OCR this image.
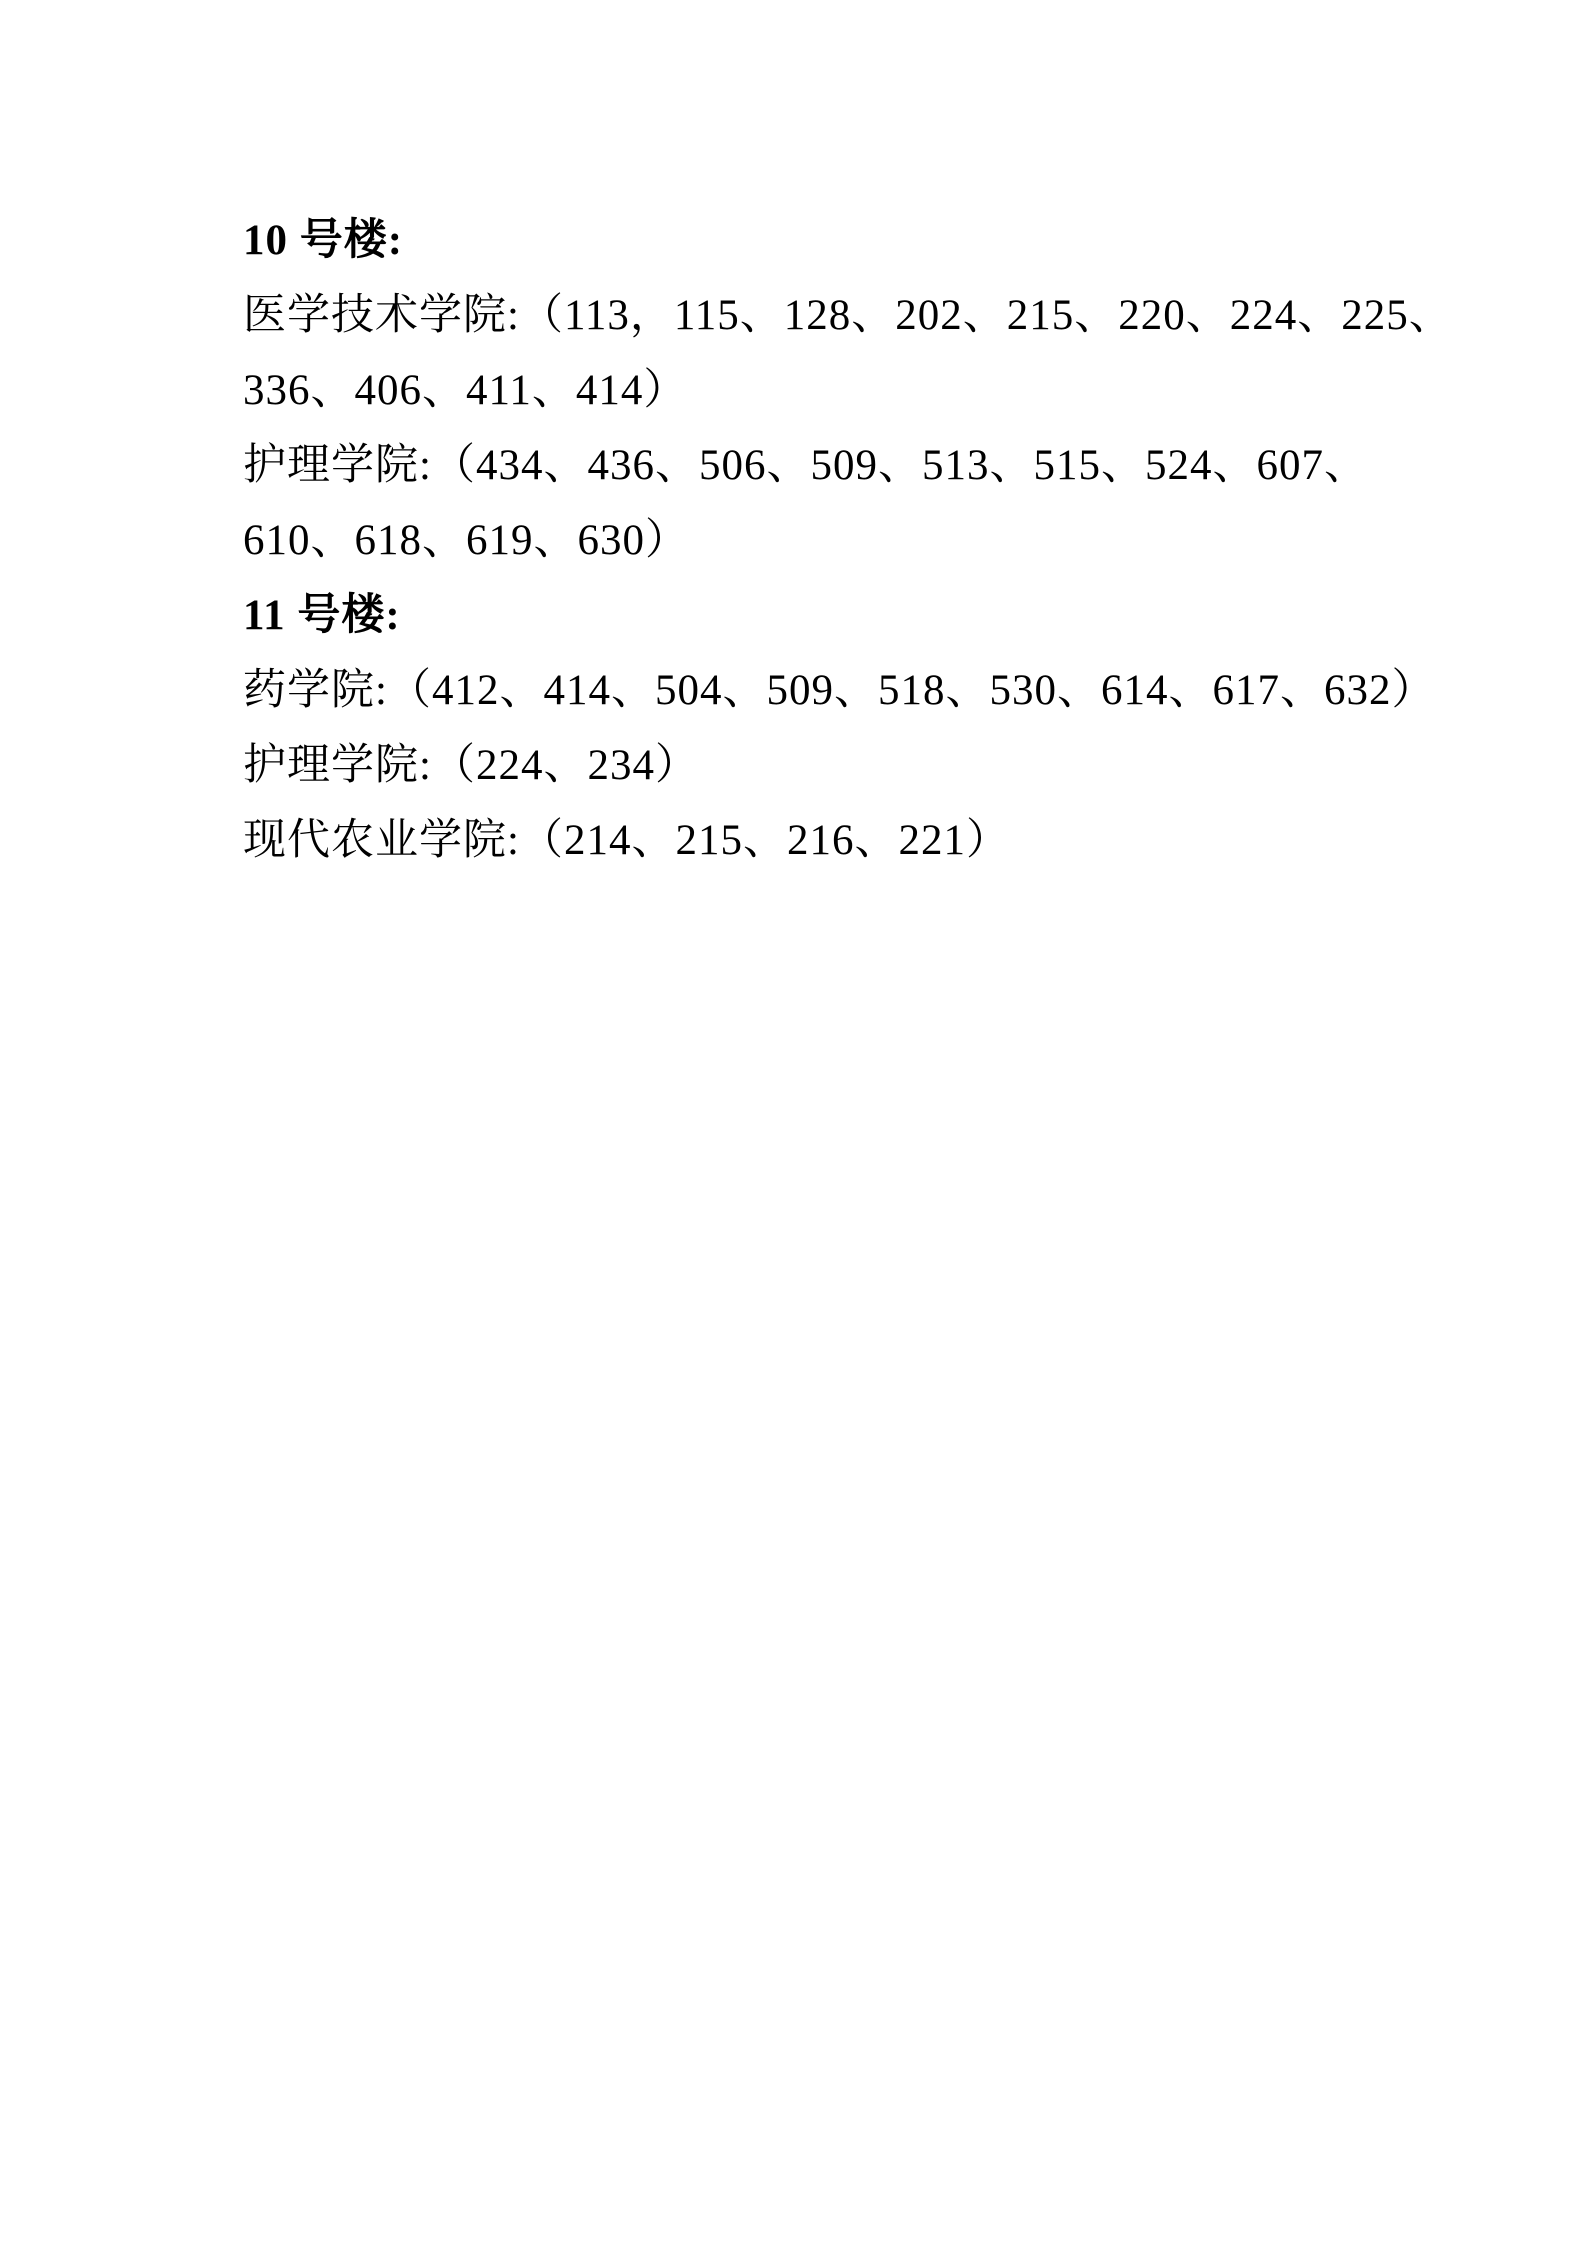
10 号楼:

医学技术学院:（113，115、128、202、215、220、224、225、

336、406、411、414）

护理学院:（434、436、506、509、513、515、524、607、

610、618、619、630）

11 号楼:

药学院:（412、414、504、509、518、530、614、617、632）

护理学院:（224、234）

现代农业学院:（214、215、216、221）
